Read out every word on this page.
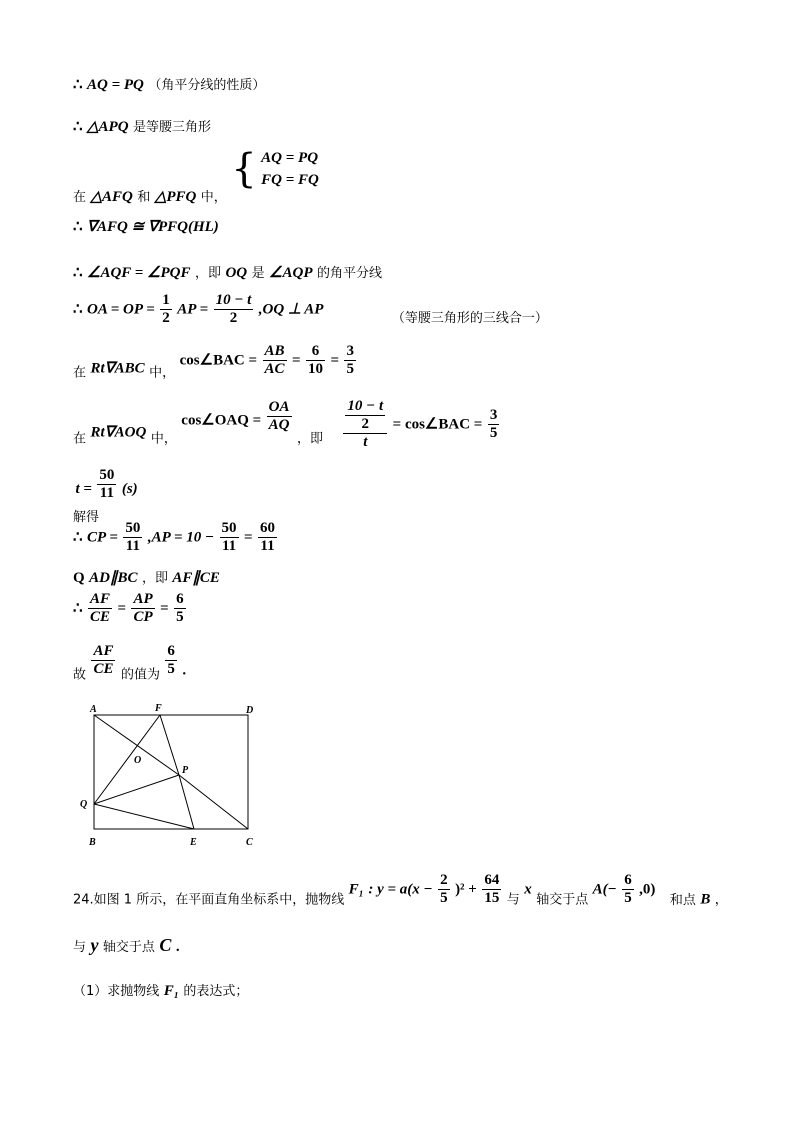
∴ AQ = PQ （角平分线的性质）
∴ △APQ 是等腰三角形
在 △AFQ 和 △PFQ 中， { AQ = PQ
FQ = FQ
∴ ∇AFQ ≅ ∇PFQ(HL)
∴ ∠AQF = ∠PQF ，即 OQ 是 ∠AQP 的角平分线
∴ OA = OP = $\frac{1}{2}$ AP = $\frac{10 - t}{2} ,OQ$ ⊥ AP （等腰三角形的三线合一）
在 Rt∇ABC 中， cos∠BAC = $\frac{AB}{AC} = \frac{6}{10} = \frac{3}{5}$
在 Rt∇AOQ 中， cos∠OAQ = $\frac{OA}{AQ}$
，即 $\frac{\frac{10 - t}{2}}{t}$ = cos∠BAC = $\frac{3}{5}$
解得 $t = \frac{50}{11} (s)$
∴ CP = $\frac{50}{11} ,AP = 10 - \frac{50}{11} = \frac{60}{11}$
Q AD∥BC ，即 AF∥CE
∴ $\frac{AF}{CE} = \frac{AP}{CP} = \frac{6}{5}$
故 $\frac{AF}{CE}$ 的值为 $\frac{6}{5}$ .
A	F	D
O
P
Q
B	E	C
24.如图 1 所示，在平面直角坐标系中，抛物线 F₁ : $y = a(x - \frac{2}{5} )^2 + \frac{64}{15}$ 与 x 轴交于点 $A(- \frac{6}{5} ,0)$ 和点 B ，
与 y 轴交于点 C .
（1）求抛物线 F₁ 的表达式；
